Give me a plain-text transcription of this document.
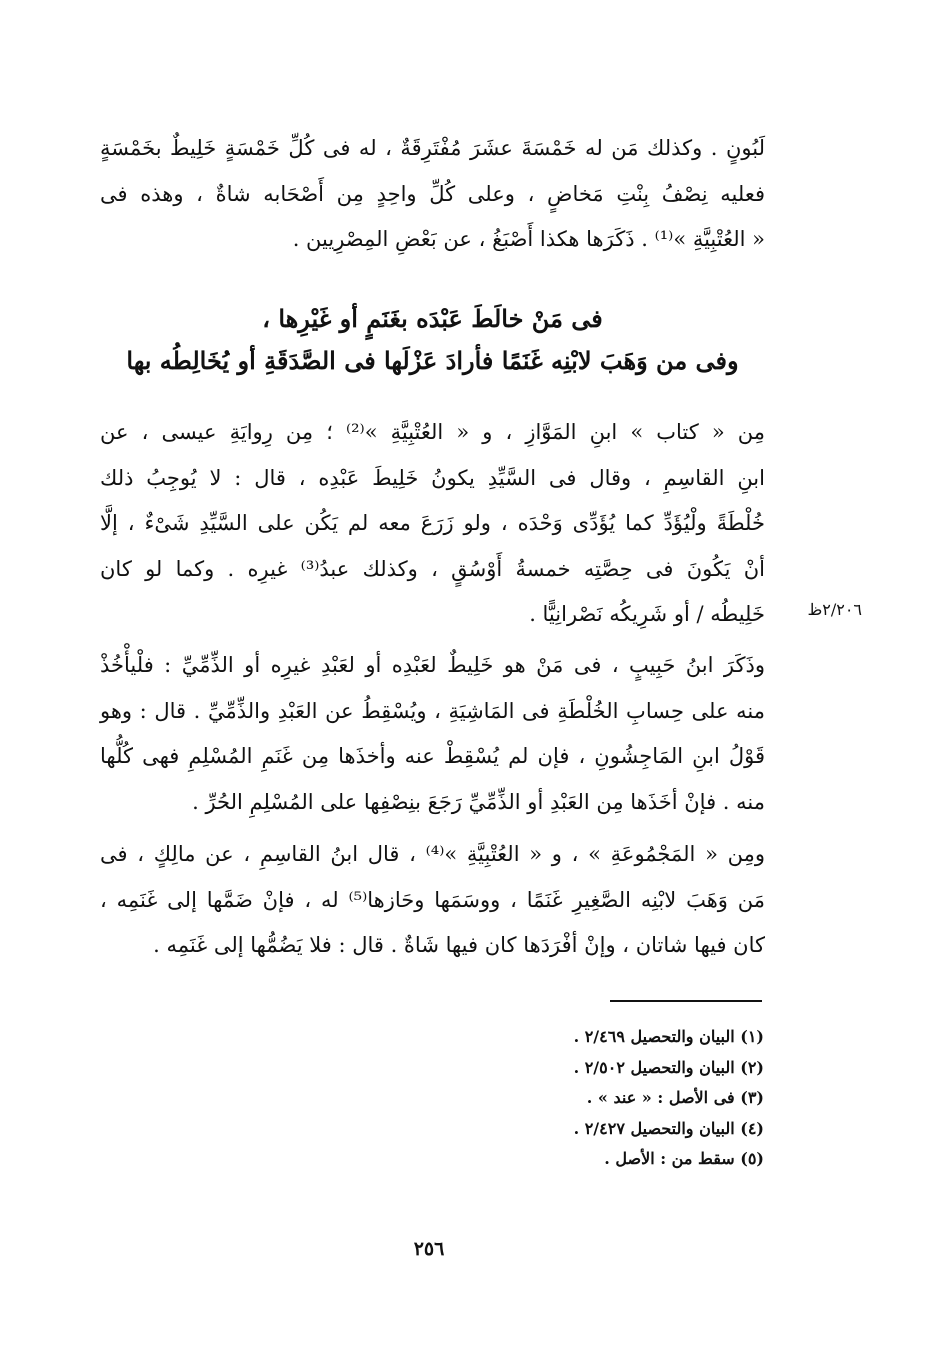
لَبُونٍ . وكذلك مَن له خَمْسَةَ عشَرَ مُفْتَرِقَةٌ ، له فى كُلِّ خَمْسَةٍ خَلِيطٌ بخَمْسَةٍ
فعليه نِصْفُ بِنْتِ مَخاضٍ ، وعلى كُلِّ واحِدٍ مِن أَصْحَابه شاةٌ ، وهذه فى
« العُتْبِيَّةِ »⁽¹⁾ . ذَكَرَها هكذا أَصْبَغُ ، عن بَعْضِ المِصْرِيين .
فى مَنْ خالَطَ عَبْدَه بغَنَمٍ أو غَيْرِها ،
وفى من وَهَبَ لابْنِه غَنَمًا فأرادَ عَزْلَها فى الصَّدَقَةِ أو يُخَالِطُه بها
مِن « كتاب » ابنِ المَوَّازِ ، و « العُتْبِيَّةِ »⁽²⁾ ؛ مِن رِوايَةِ عيسى ، عن
ابنِ القاسِمِ ، وقال فى السَّيِّدِ يكونُ خَلِيطَ عَبْدِه ، قال : لا يُوجِبُ ذلك
خُلْطَةً ولْيُؤَدِّ كما يُؤَدِّى وَحْدَه ، ولو زَرَعَ معه لم يَكُن على السَّيِّدِ شَىْءٌ ، إلَّا
أنْ يَكُونَ فى حِصَّتِه خمسةُ أَوْسُقٍ ، وكذلك عبدُ⁽³⁾ غيرِه . وكما لو كان
خَلِيطُه / أو شَرِيكُه نَصْرانِيًّا .	٢/٢٠٦ظ
وذَكَرَ ابنُ حَبِيبٍ ، فى مَنْ هو خَلِيطٌ لعَبْدِه أو لعَبْدِ غيرِه أو الذِّمِّيِّ : فلْيأْخُذْ
منه على حِسابِ الخُلْطَةِ فى المَاشِيَةِ ، ويُسْقِطُ عن العَبْدِ والذِّمِّيِّ . قال : وهو
قَوْلُ ابنِ المَاجِشُونِ ، فإن لم يُسْقِطْ عنه وأخذَها مِن غَنَمِ المُسْلِمِ فهى كُلُّها
منه . فإنْ أخَذَها مِن العَبْدِ أو الذِّمِّيِّ رَجَعَ بنِصْفِها على المُسْلِمِ الحُرِّ .
ومِن « المَجْمُوعَةِ » ، و « العُتْبِيَّةِ »⁽⁴⁾ ، قال ابنُ القاسِمِ ، عن مالِكٍ ، فى
مَن وَهَبَ لابْنِه الصَّغِيرِ غَنَمًا ، ووسَمَها وحَازها⁽⁵⁾ له ، فإنْ ضَمَّها إلى غَنَمِه ،
كان فيها شاتان ، وإنْ أفْرَدَها كان فيها شَاةٌ . قال : فلا يَضُمُّها إلى غَنَمِه .
(١) البيان والتحصيل ٢/٤٦٩ .
(٢) البيان والتحصيل ٢/٥٠٢ .
(٣) فى الأصل : « عند » .
(٤) البيان والتحصيل ٢/٤٢٧ .
(٥) سقط من : الأصل .
٢٥٦
